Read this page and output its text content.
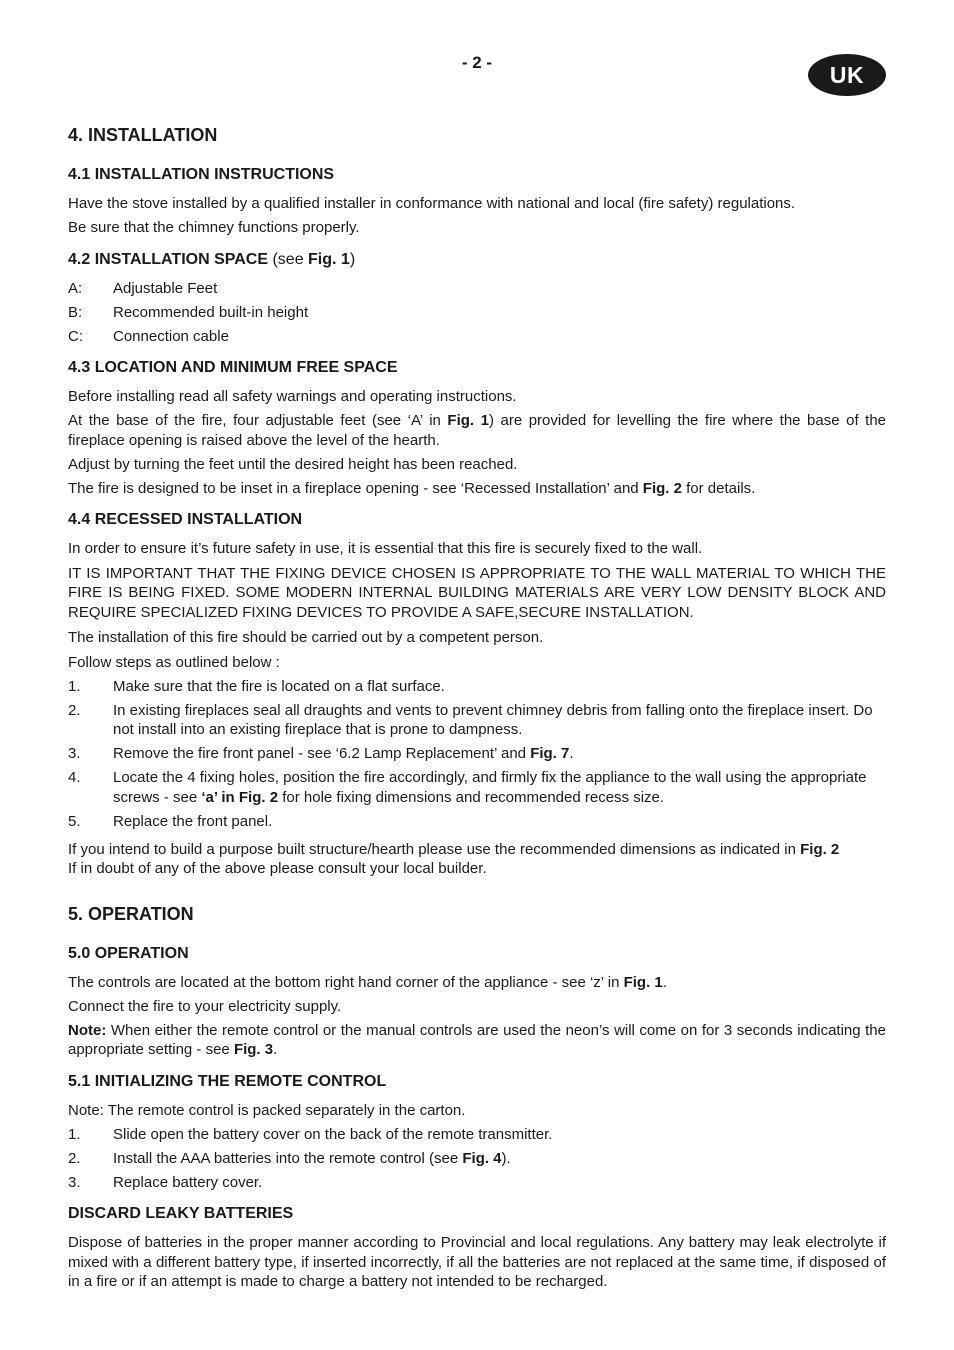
- 2 -	UK
4. INSTALLATION
4.1 INSTALLATION INSTRUCTIONS

Have the stove installed by a qualified installer in conformance with national and local (fire safety) regulations.

Be sure that the chimney functions properly.

4.2 INSTALLATION SPACE (see Fig. 1)
A:	Adjustable Feet
B:	Recommended built-in height
C:	Connection cable
4.3 LOCATION AND MINIMUM FREE SPACE

Before installing read all safety warnings and operating instructions.

At the base of the fire, four adjustable feet (see ‘A’ in Fig. 1) are provided for levelling the fire where the base of the fireplace opening is raised above the level of the hearth.

Adjust by turning the feet until the desired height has been reached.

The fire is designed to be inset in a fireplace opening - see ‘Recessed Installation’ and Fig. 2 for details.

4.4 RECESSED INSTALLATION

In order to ensure it’s future safety in use, it is essential that this fire is securely fixed to the wall.

IT IS IMPORTANT THAT THE FIXING DEVICE CHOSEN IS APPROPRIATE TO THE WALL MATERIAL TO WHICH THE FIRE IS BEING FIXED. SOME MODERN INTERNAL BUILDING MATERIALS ARE VERY LOW DENSITY BLOCK AND REQUIRE SPECIALIZED FIXING DEVICES TO PROVIDE A SAFE,SECURE INSTALLATION.

The installation of this fire should be carried out by a competent person.

Follow steps as outlined below :

1.	Make sure that the fire is located on a flat surface.
2.	In existing fireplaces seal all draughts and vents to prevent chimney debris from falling onto the fireplace insert. Do not install into an existing fireplace that is prone to dampness.
3.	Remove the fire front panel - see ‘6.2 Lamp Replacement’ and Fig. 7.
4.	Locate the 4 fixing holes, position the fire accordingly, and firmly fix the appliance to the wall using the appropriate screws - see ‘a’ in Fig. 2 for hole fixing dimensions and recommended recess size.
5.	Replace the front panel.

If you intend to build a purpose built structure/hearth please use the recommended dimensions as indicated in Fig. 2

If in doubt of any of the above please consult your local builder.

5. OPERATION
5.0 OPERATION

The controls are located at the bottom right hand corner of the appliance - see ‘z’ in Fig. 1.

Connect the fire to your electricity supply.

Note: When either the remote control or the manual controls are used the neon’s will come on for 3 seconds indicating the appropriate setting - see Fig. 3.

5.1 INITIALIZING THE REMOTE CONTROL

Note: The remote control is packed separately in the carton.

1.	Slide open the battery cover on the back of the remote transmitter.
2.	Install the AAA batteries into the remote control (see Fig. 4).
3.	Replace battery cover.
DISCARD LEAKY BATTERIES

Dispose of batteries in the proper manner according to Provincial and local regulations. Any battery may leak electrolyte if mixed with a different battery type, if inserted incorrectly, if all the batteries are not replaced at the same time, if disposed of in a fire or if an attempt is made to charge a battery not intended to be recharged.
